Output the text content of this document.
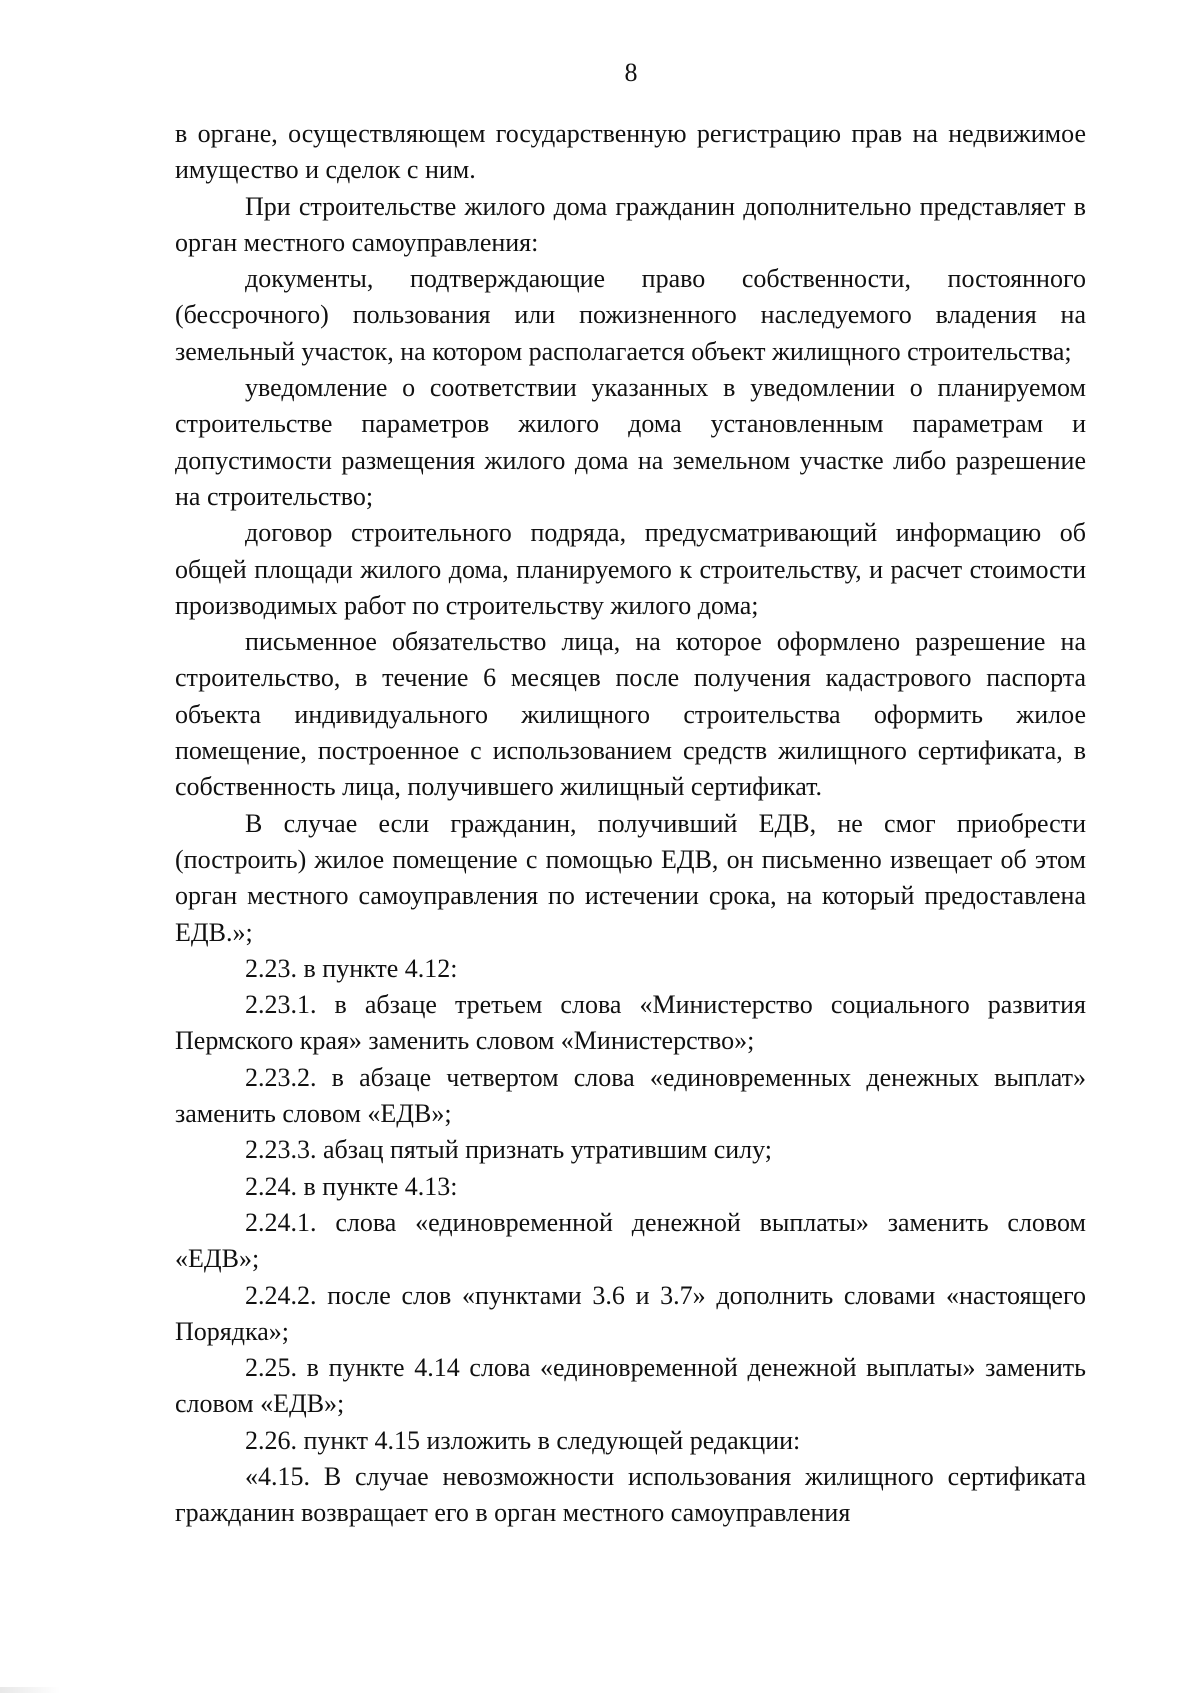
8

в органе, осуществляющем государственную регистрацию прав на недвижимое имущество и сделок с ним.

При строительстве жилого дома гражданин дополнительно представляет в орган местного самоуправления:

документы, подтверждающие право собственности, постоянного (бессрочного) пользования или пожизненного наследуемого владения на земельный участок, на котором располагается объект жилищного строительства;

уведомление о соответствии указанных в уведомлении о планируемом строительстве параметров жилого дома установленным параметрам и допустимости размещения жилого дома на земельном участке либо разрешение на строительство;

договор строительного подряда, предусматривающий информацию об общей площади жилого дома, планируемого к строительству, и расчет стоимости производимых работ по строительству жилого дома;

письменное обязательство лица, на которое оформлено разрешение на строительство, в течение 6 месяцев после получения кадастрового паспорта объекта индивидуального жилищного строительства оформить жилое помещение, построенное с использованием средств жилищного сертификата, в собственность лица, получившего жилищный сертификат.

В случае если гражданин, получивший ЕДВ, не смог приобрести (построить) жилое помещение с помощью ЕДВ, он письменно извещает об этом орган местного самоуправления по истечении срока, на который предоставлена ЕДВ.»;

2.23. в пункте 4.12:

2.23.1. в абзаце третьем слова «Министерство социального развития Пермского края» заменить словом «Министерство»;

2.23.2. в абзаце четвертом слова «единовременных денежных выплат» заменить словом «ЕДВ»;

2.23.3. абзац пятый признать утратившим силу;

2.24. в пункте 4.13:

2.24.1. слова «единовременной денежной выплаты» заменить словом «ЕДВ»;

2.24.2. после слов «пунктами 3.6 и 3.7» дополнить словами «настоящего Порядка»;

2.25. в пункте 4.14 слова «единовременной денежной выплаты» заменить словом «ЕДВ»;

2.26. пункт 4.15 изложить в следующей редакции:

«4.15. В случае невозможности использования жилищного сертификата гражданин возвращает его в орган местного самоуправления
